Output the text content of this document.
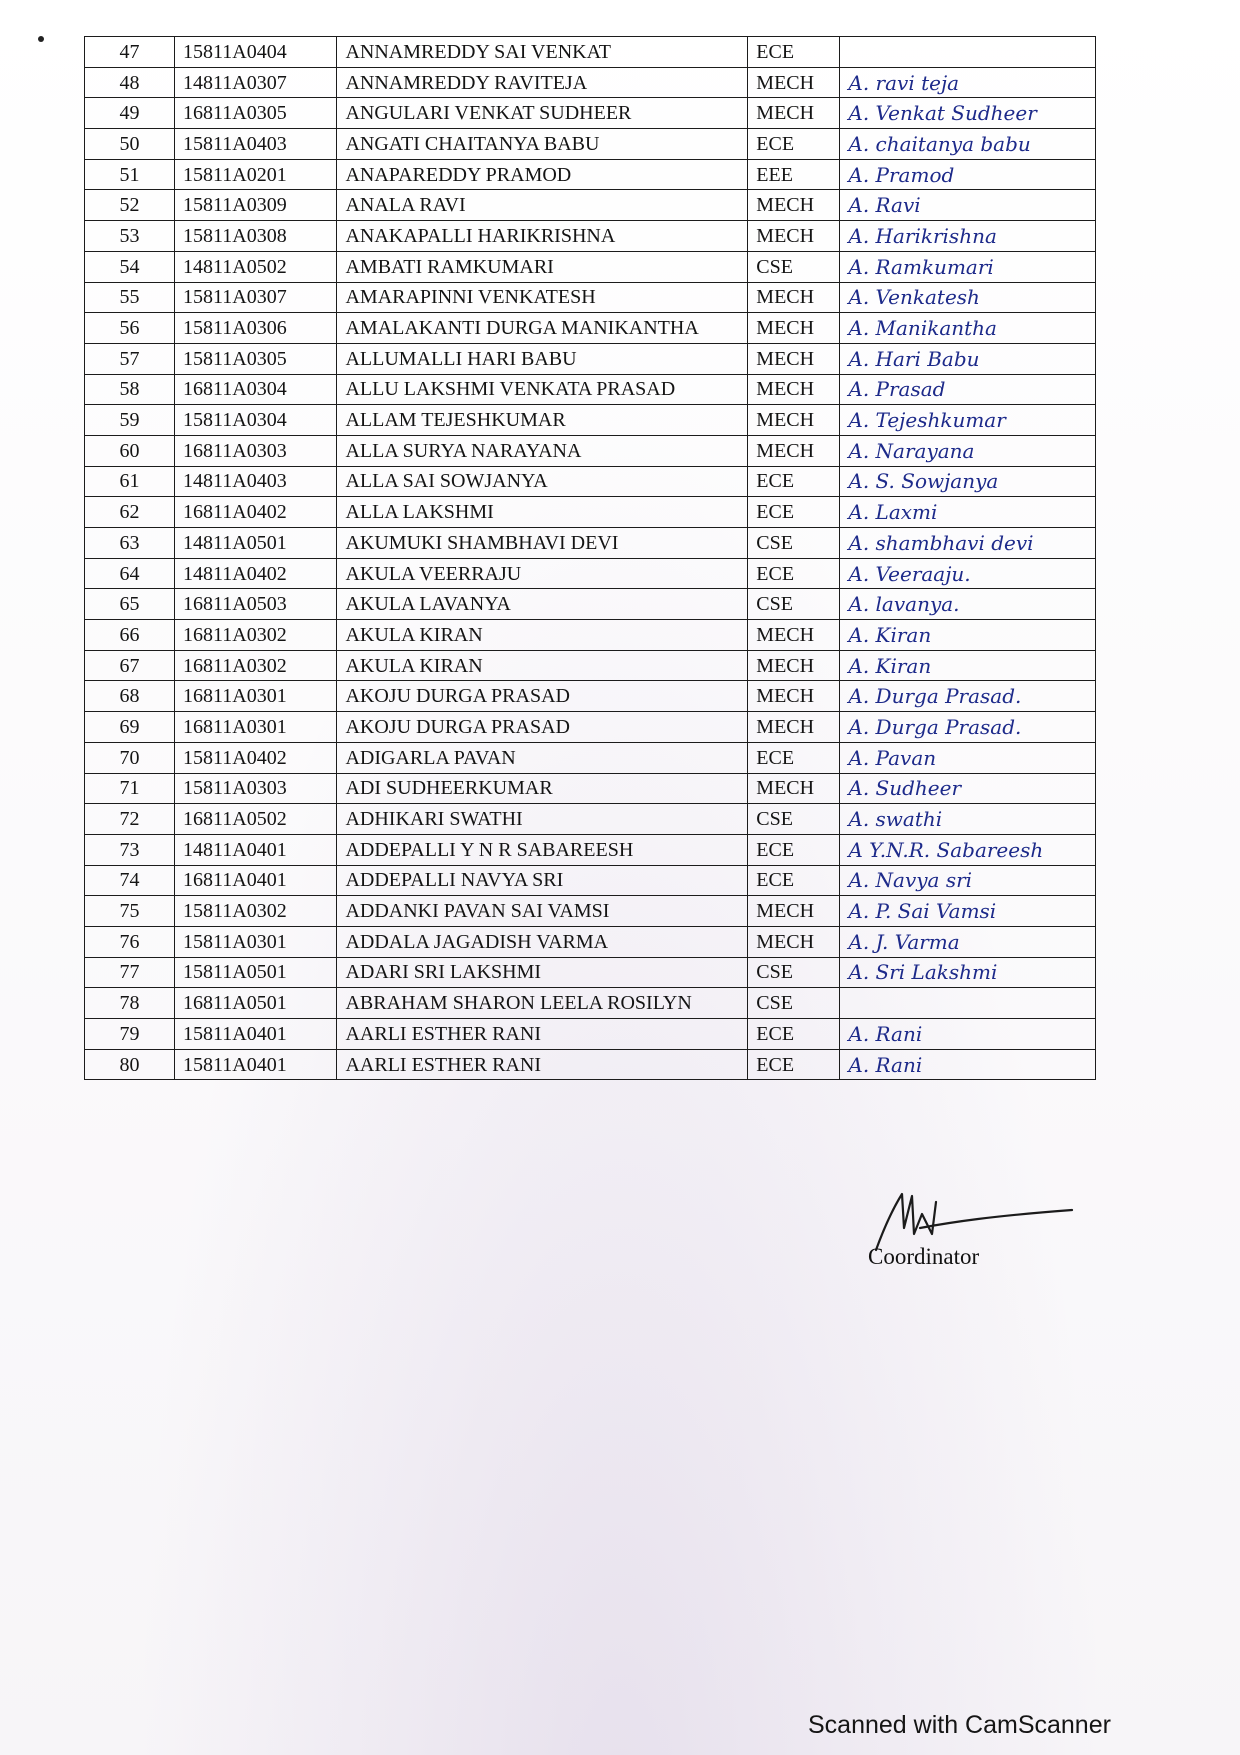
47	15811A0404	ANNAMREDDY SAI VENKAT	ECE	
48	14811A0307	ANNAMREDDY RAVITEJA	MECH	A. ravi teja
49	16811A0305	ANGULARI VENKAT SUDHEER	MECH	A. Venkat Sudheer
50	15811A0403	ANGATI CHAITANYA BABU	ECE	A. chaitanya babu
51	15811A0201	ANAPAREDDY PRAMOD	EEE	A. Pramod
52	15811A0309	ANALA RAVI	MECH	A. Ravi
53	15811A0308	ANAKAPALLI HARIKRISHNA	MECH	A. Harikrishna
54	14811A0502	AMBATI RAMKUMARI	CSE	A. Ramkumari
55	15811A0307	AMARAPINNI VENKATESH	MECH	A. Venkatesh
56	15811A0306	AMALAKANTI DURGA MANIKANTHA	MECH	A. Manikantha
57	15811A0305	ALLUMALLI HARI BABU	MECH	A. Hari Babu
58	16811A0304	ALLU LAKSHMI VENKATA PRASAD	MECH	A. Prasad
59	15811A0304	ALLAM TEJESHKUMAR	MECH	A. Tejeshkumar
60	16811A0303	ALLA SURYA NARAYANA	MECH	A. Narayana
61	14811A0403	ALLA SAI SOWJANYA	ECE	A. S. Sowjanya
62	16811A0402	ALLA LAKSHMI	ECE	A. Laxmi
63	14811A0501	AKUMUKI SHAMBHAVI DEVI	CSE	A. shambhavi devi
64	14811A0402	AKULA VEERRAJU	ECE	A. Veeraaju.
65	16811A0503	AKULA LAVANYA	CSE	A. lavanya.
66	16811A0302	AKULA KIRAN	MECH	A. Kiran
67	16811A0302	AKULA KIRAN	MECH	A. Kiran
68	16811A0301	AKOJU DURGA PRASAD	MECH	A. Durga Prasad.
69	16811A0301	AKOJU DURGA PRASAD	MECH	A. Durga Prasad.
70	15811A0402	ADIGARLA PAVAN	ECE	A. Pavan
71	15811A0303	ADI SUDHEERKUMAR	MECH	A. Sudheer
72	16811A0502	ADHIKARI SWATHI	CSE	A. swathi
73	14811A0401	ADDEPALLI Y N R SABAREESH	ECE	A Y.N.R. Sabareesh
74	16811A0401	ADDEPALLI NAVYA SRI	ECE	A. Navya sri
75	15811A0302	ADDANKI PAVAN SAI VAMSI	MECH	A. P. Sai Vamsi
76	15811A0301	ADDALA JAGADISH VARMA	MECH	A. J. Varma
77	15811A0501	ADARI SRI LAKSHMI	CSE	A. Sri Lakshmi
78	16811A0501	ABRAHAM SHARON LEELA ROSILYN	CSE	
79	15811A0401	AARLI ESTHER RANI	ECE	A. Rani
80	15811A0401	AARLI ESTHER RANI	ECE	A. Rani
Coordinator
Scanned with CamScanner
